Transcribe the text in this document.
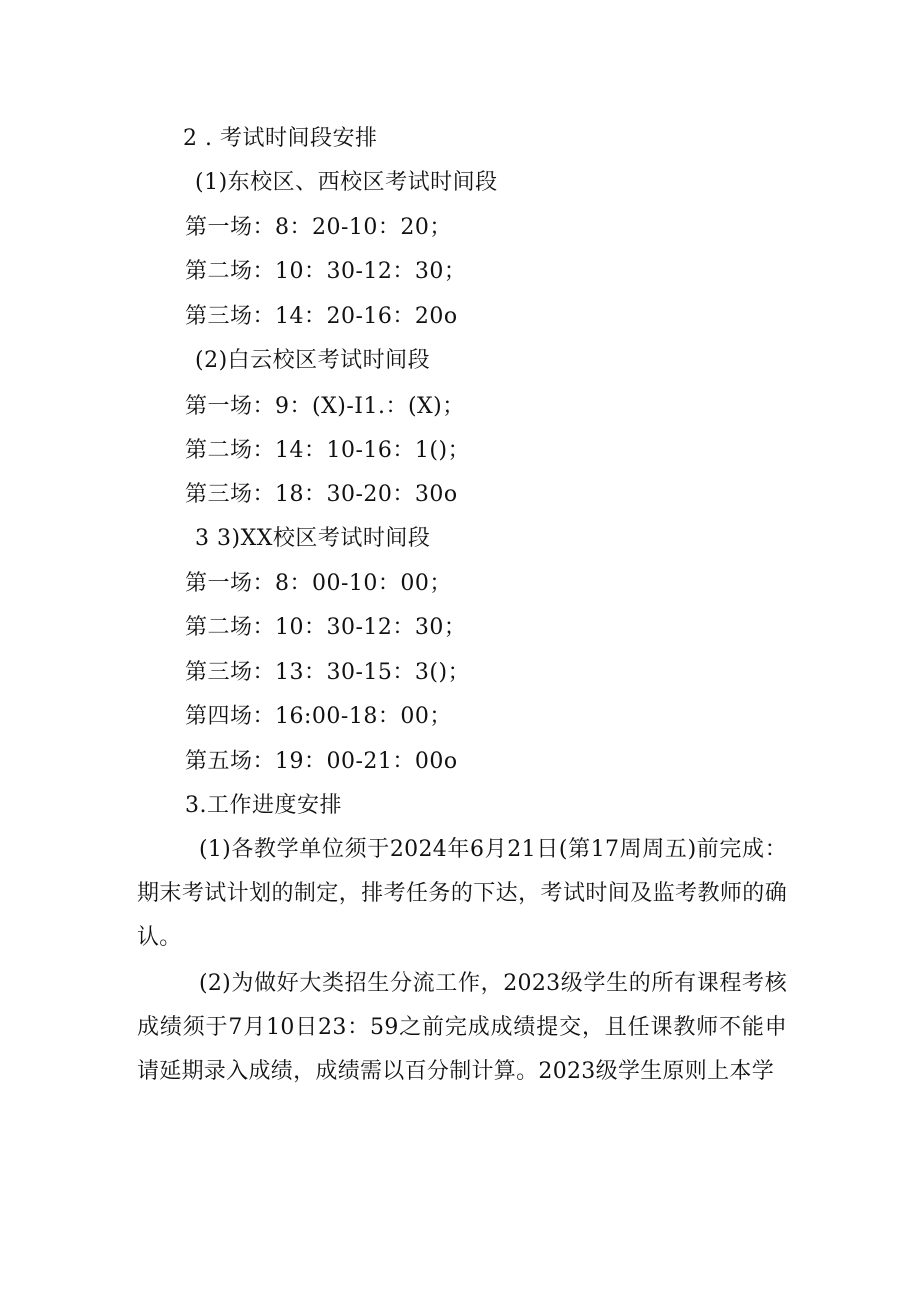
2 . 考试时间段安排
(1)东校区、西校区考试时间段
第一场：8：20-10：20；
第二场：10：30-12：30；
第三场：14：20-16：20o
(2)白云校区考试时间段
第一场：9：(X)-I1.：(X)；
第二场：14：10-16：1()；
第三场：18：30-20：30o
3 3)XX校区考试时间段
第一场：8：00-10：00；
第二场：10：30-12：30；
第三场：13：30-15：3()；
第四场：16:00-18：00；
第五场：19：00-21：00o
3.工作进度安排
(1)各教学单位须于2024年6月21日(第17周周五)前完成：期末考试计划的制定，排考任务的下达，考试时间及监考教师的确认。
(2)为做好大类招生分流工作，2023级学生的所有课程考核成绩须于7月10日23：59之前完成成绩提交，且任课教师不能申请延期录入成绩，成绩需以百分制计算。2023级学生原则上本学
